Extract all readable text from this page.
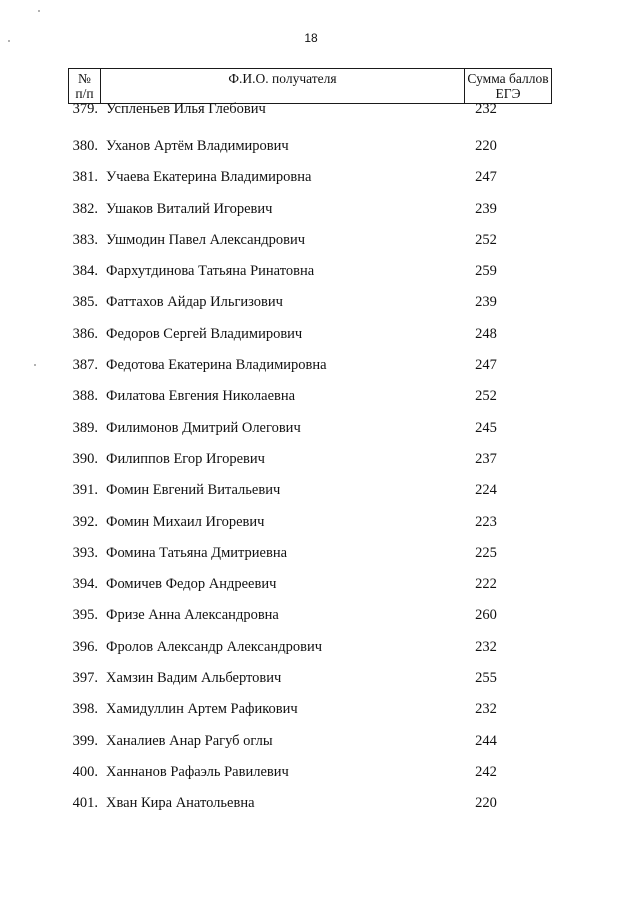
18
№
п/п
Ф.И.О. получателя	Сумма баллов
ЕГЭ
379. Успленьев Илья Глебович	232
380. Уханов Артём Владимирович	220
381. Учаева Екатерина Владимировна	247
382. Ушаков Виталий Игоревич	239
383. Ушмодин Павел Александрович	252
384. Фархутдинова Татьяна Ринатовна	259
385. Фаттахов Айдар Ильгизович	239
386. Федоров Сергей Владимирович	248
387. Федотова Екатерина Владимировна	247
388. Филатова Евгения Николаевна	252
389. Филимонов Дмитрий Олегович	245
390. Филиппов Егор Игоревич	237
391. Фомин Евгений Витальевич	224
392. Фомин Михаил Игоревич	223
393. Фомина Татьяна Дмитриевна	225
394. Фомичев Федор Андреевич	222
395. Фризе Анна Александровна	260
396. Фролов Александр Александрович	232
397. Хамзин Вадим Альбертович	255
398. Хамидуллин Артем Рафикович	232
399. Ханалиев Анар Рагуб оглы	244
400. Ханнанов Рафаэль Равилевич	242
401. Хван Кира Анатольевна	220
